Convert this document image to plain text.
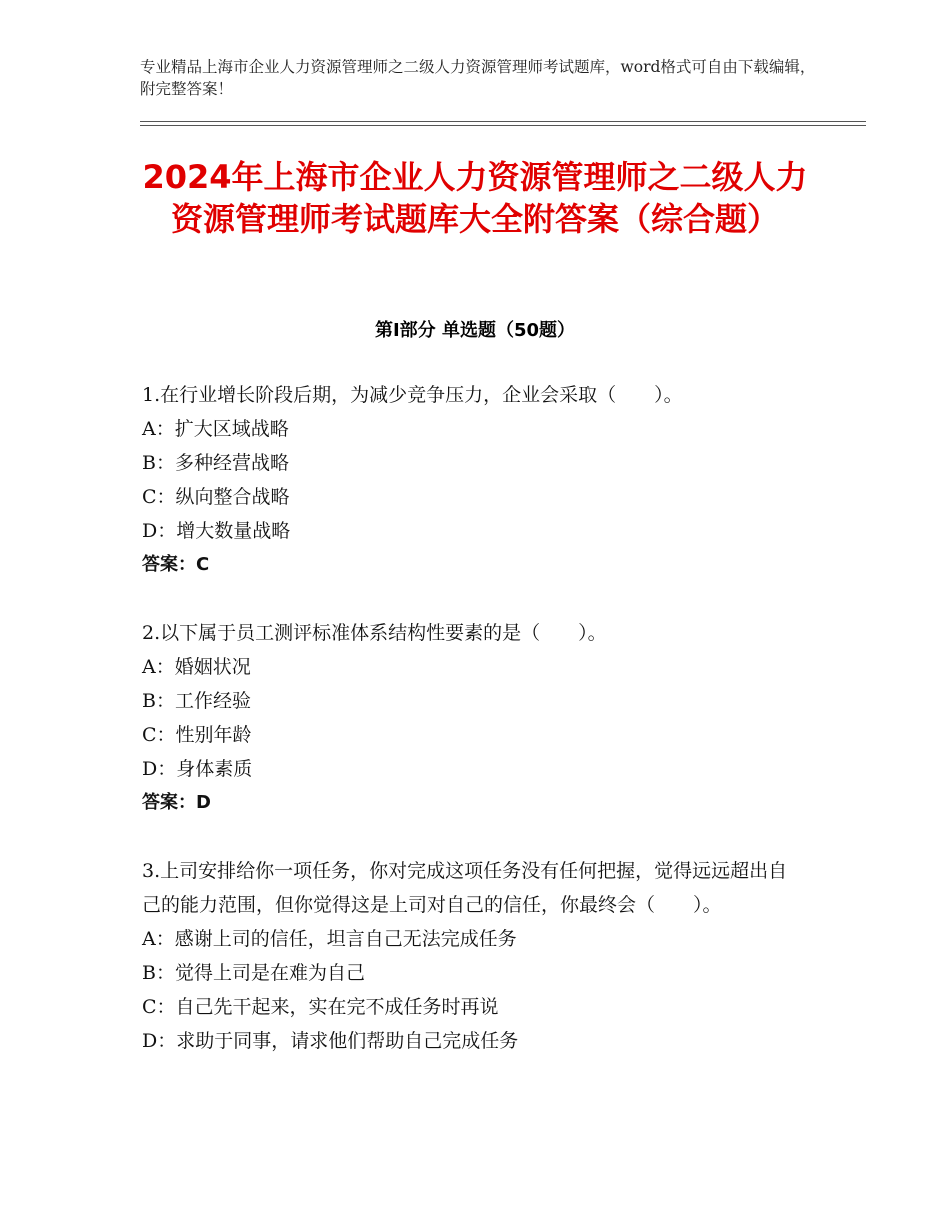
专业精品上海市企业人力资源管理师之二级人力资源管理师考试题库，word格式可自由下载编辑，附完整答案！
2024年上海市企业人力资源管理师之二级人力资源管理师考试题库大全附答案（综合题）
第Ⅰ部分 单选题（50题）
1.在行业增长阶段后期，为减少竞争压力，企业会采取（　　）。
A：扩大区域战略
B：多种经营战略
C：纵向整合战略
D：增大数量战略
答案：C
2.以下属于员工测评标准体系结构性要素的是（　　）。
A：婚姻状况
B：工作经验
C：性别年龄
D：身体素质
答案：D
3.上司安排给你一项任务，你对完成这项任务没有任何把握，觉得远远超出自己的能力范围，但你觉得这是上司对自己的信任，你最终会（　　）。
A：感谢上司的信任，坦言自己无法完成任务
B：觉得上司是在难为自己
C：自己先干起来，实在完不成任务时再说
D：求助于同事，请求他们帮助自己完成任务
